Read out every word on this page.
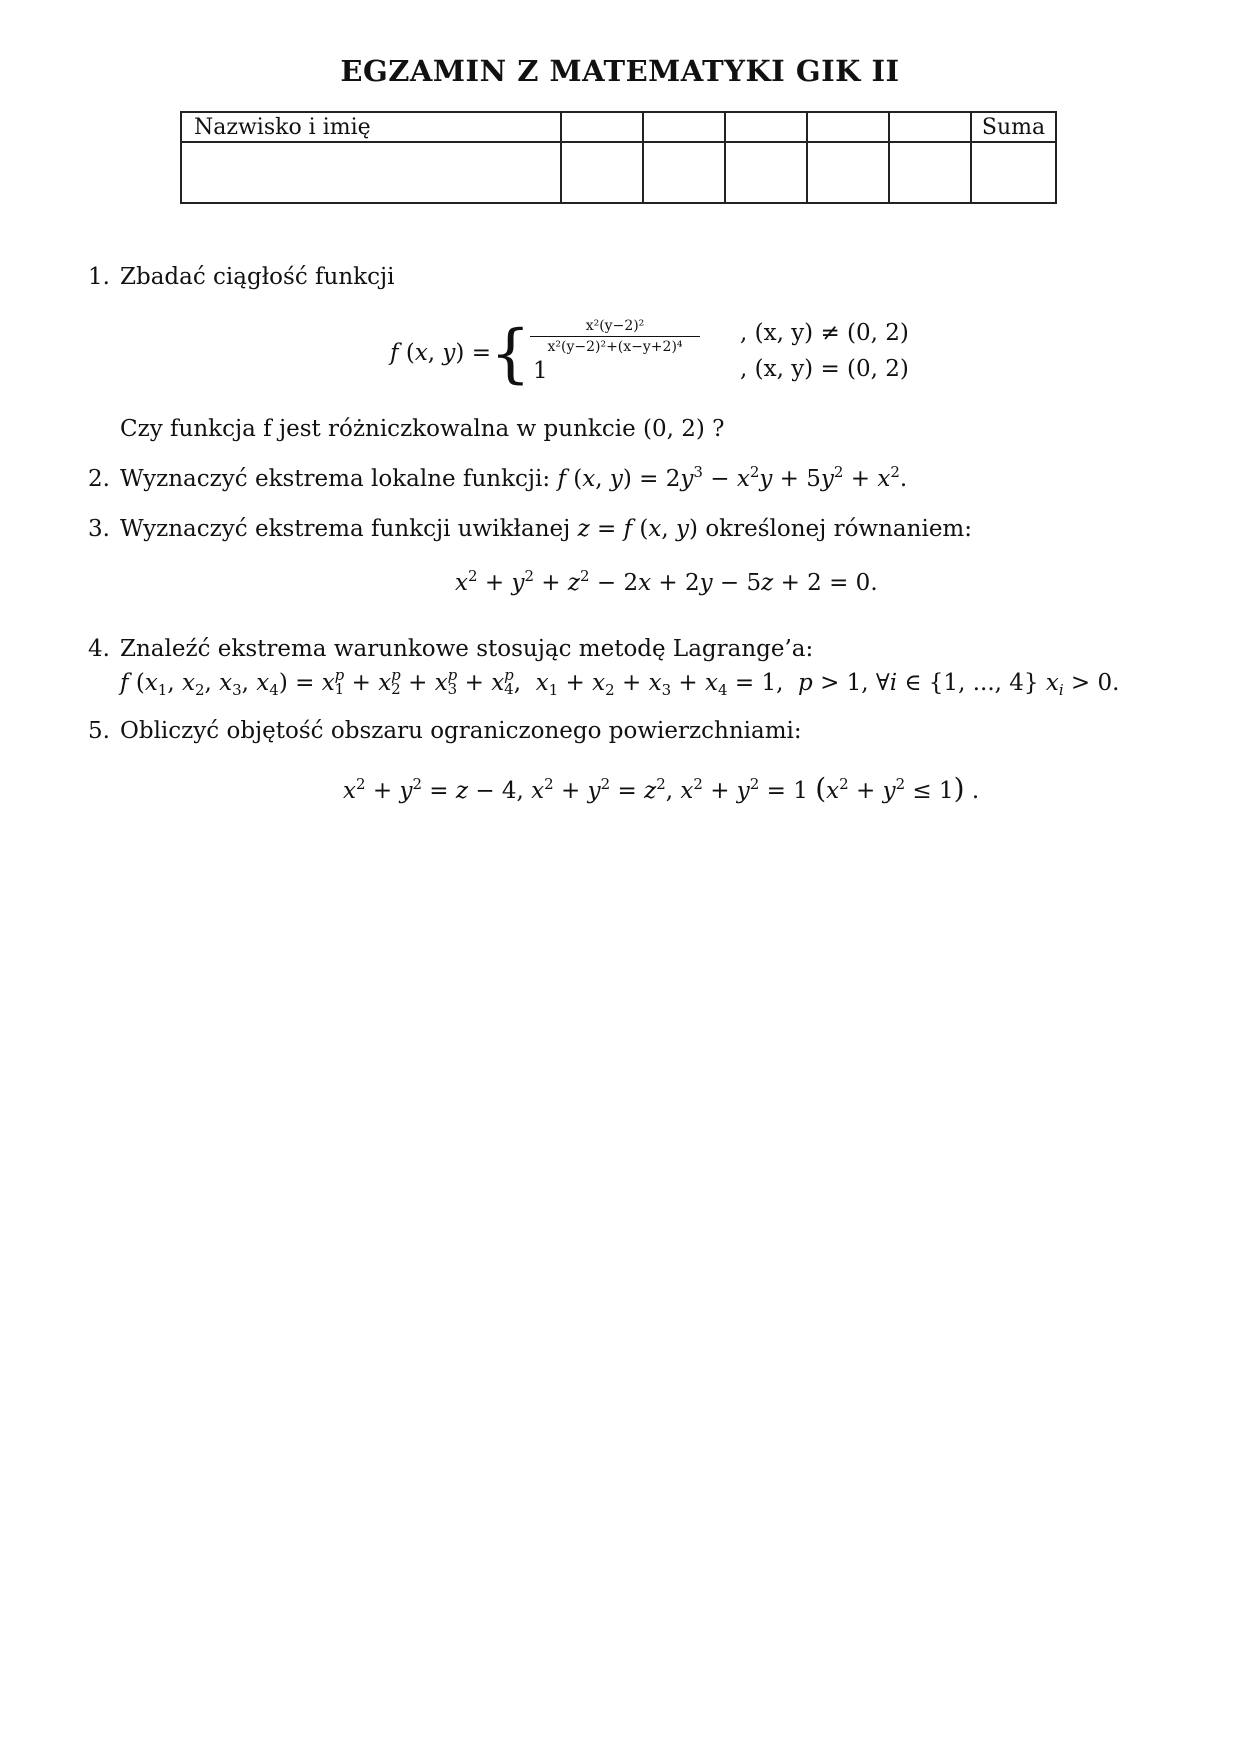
EGZAMIN Z MATEMATYKI GIK II
Nazwisko i imię						Suma

1. Zbadać ciągłość funkcji
f (x, y) = {	x²(y−2)²
x²(y−2)²+(x−y+2)⁴
1
, (x, y) ≠ (0, 2)
, (x, y) = (0, 2)
Czy funkcja f jest różniczkowalna w punkcie (0, 2) ?
2. Wyznaczyć ekstrema lokalne funkcji: f (x, $y) = 2y^3 - x^2y + 5y^2 + x^2$.
3. Wyznaczyć ekstrema funkcji uwikłanej z = f (x, y) określonej równaniem:
$x^2 + y^2 + z^2 - 2x + 2y - 5z + 2 = 0$.
4. Znaleźć ekstrema warunkowe stosując metodę Lagrange’a:
f ($x_1$, $x_2$, $x_3$, $x_4) = x$ p
1 + x p
2 + x p
3 + x p
4 ,  $x_1 + x_2 + x_3 + x_4 = 1$,  p > 1, ∀i ∈ {1, ..., 4} $x_i > 0$.
5. Obliczyć objętość obszaru ograniczonego powierzchniami:
$x^2 + y^2 = z - 4$, $x^2 + y^2 = z^2$, $x^2 + y^2 = 1$ $(x^2 + y^2 \le 1)$ .
